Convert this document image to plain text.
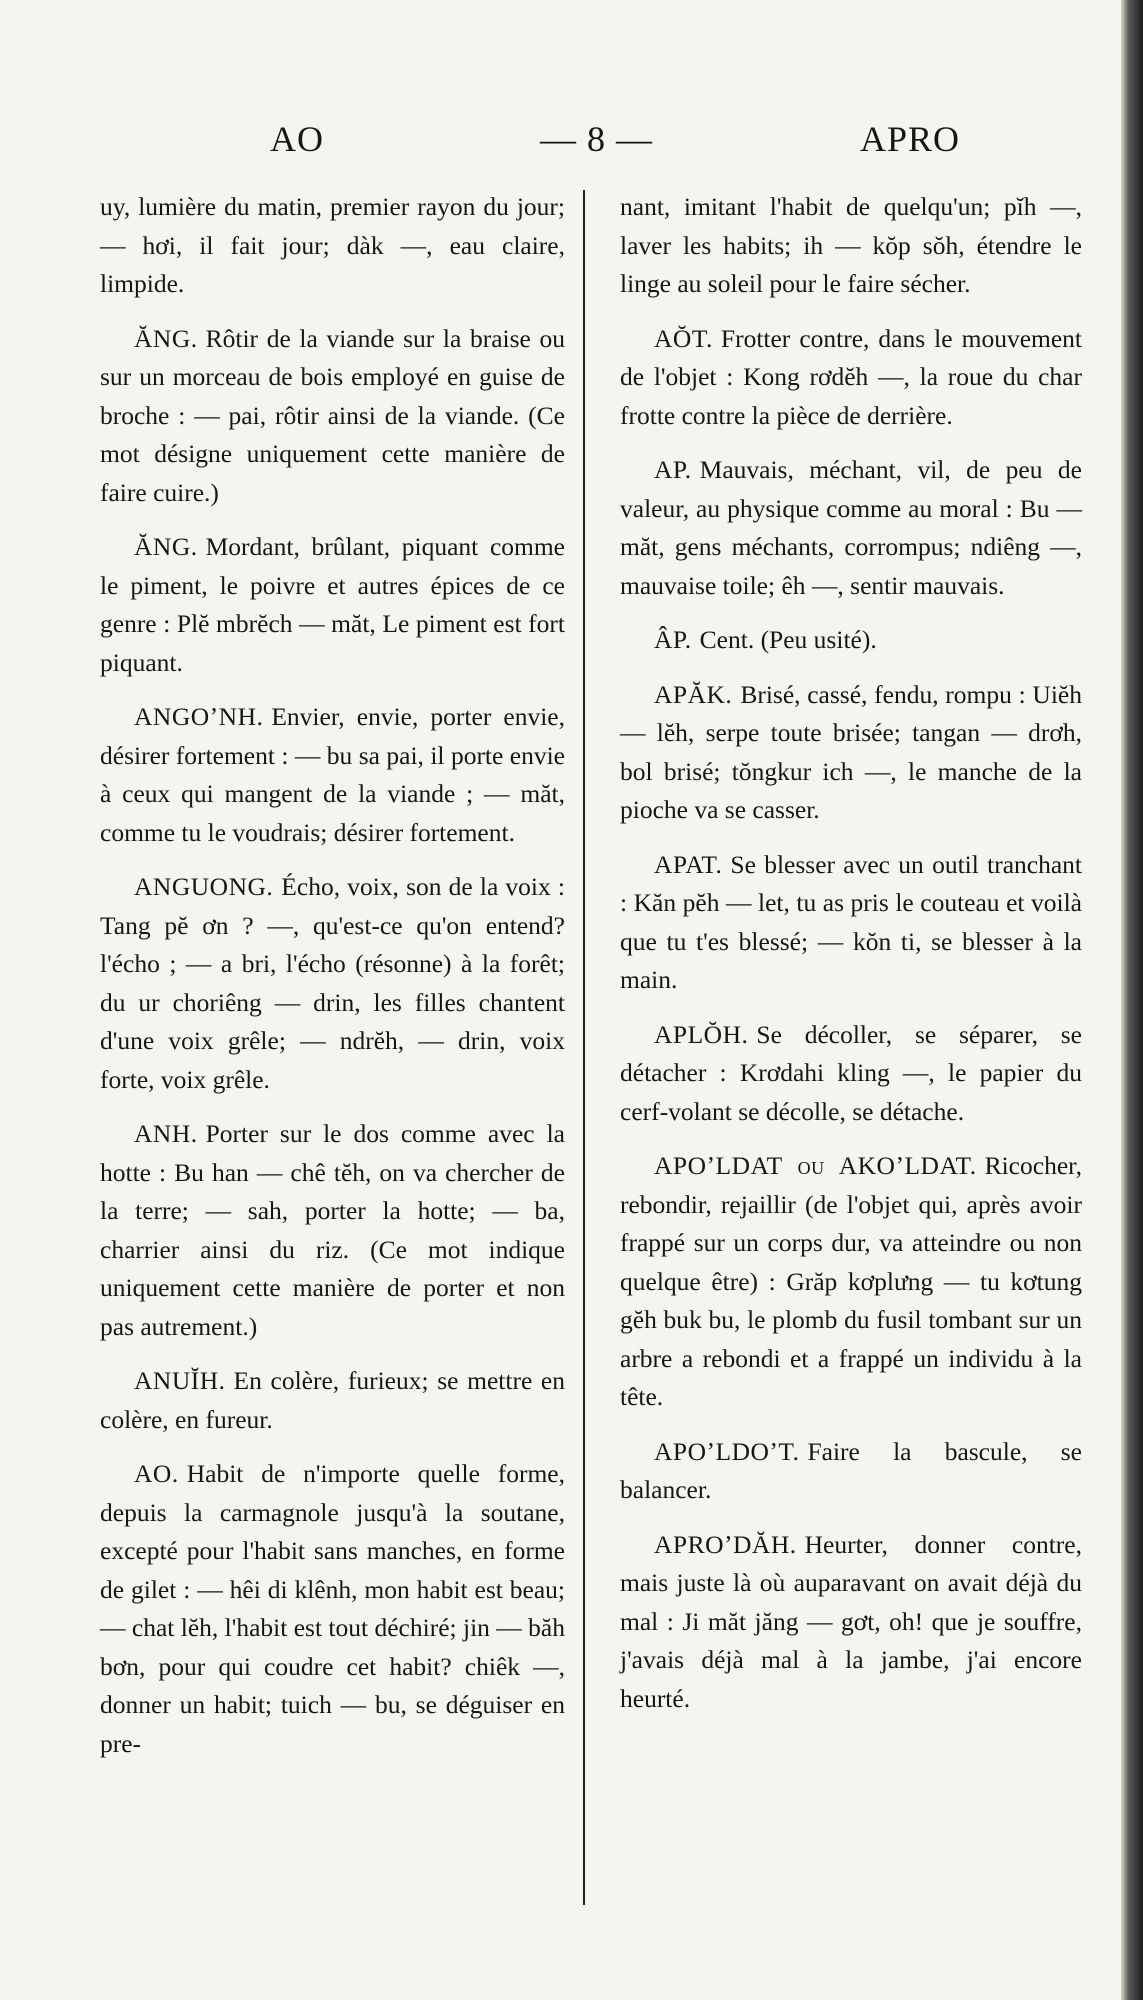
AO	— 8 —	APRO

uy, lumière du matin, premier rayon du jour; — hơi, il fait jour; dàk —, eau claire, limpide.

ĂNG. Rôtir de la viande sur la braise ou sur un morceau de bois employé en guise de broche : — pai, rôtir ainsi de la viande. (Ce mot désigne uniquement cette manière de faire cuire.)

ĂNG. Mordant, brûlant, piquant comme le piment, le poivre et autres épices de ce genre : Plĕ mbrĕch — măt, Le piment est fort piquant.

ANGOʼNH. Envier, envie, porter envie, désirer fortement : — bu sa pai, il porte envie à ceux qui mangent de la viande ; — măt, comme tu le voudrais; désirer fortement.

ANGUONG. Écho, voix, son de la voix : Tang pĕ ơn ? —, qu'est-ce qu'on entend? l'écho ; — a bri, l'écho (résonne) à la forêt; du ur choriêng — drin, les filles chantent d'une voix grêle; — ndrĕh, — drin, voix forte, voix grêle.

ANH. Porter sur le dos comme avec la hotte : Bu han — chê tĕh, on va chercher de la terre; — sah, porter la hotte; — ba, charrier ainsi du riz. (Ce mot indique uniquement cette manière de porter et non pas autrement.)

ANUĬH. En colère, furieux; se mettre en colère, en fureur.

AO. Habit de n'importe quelle forme, depuis la carmagnole jusqu'à la soutane, excepté pour l'habit sans manches, en forme de gilet : — hêi di klênh, mon habit est beau; — chat lĕh, l'habit est tout déchiré; jin — băh bơn, pour qui coudre cet habit? chiêk —, donner un habit; tuich — bu, se déguiser en pre-

nant, imitant l'habit de quelqu'un; pĭh —, laver les habits; ih — kŏp sŏh, étendre le linge au soleil pour le faire sécher.

AŎT. Frotter contre, dans le mouvement de l'objet : Kong rơdĕh —, la roue du char frotte contre la pièce de derrière.

AP. Mauvais, méchant, vil, de peu de valeur, au physique comme au moral : Bu — măt, gens méchants, corrompus; ndiêng —, mauvaise toile; êh —, sentir mauvais.

ÂP. Cent. (Peu usité).

APĂK. Brisé, cassé, fendu, rompu : Uiĕh — lĕh, serpe toute brisée; tangan — drơh, bol brisé; tŏngkur ich —, le manche de la pioche va se casser.

APAT. Se blesser avec un outil tranchant : Kăn pĕh — let, tu as pris le couteau et voilà que tu t'es blessé; — kŏn ti, se blesser à la main.

APLŎH. Se décoller, se séparer, se détacher : Krơdahi kling —, le papier du cerf-volant se décolle, se détache.

APOʼLDAT ou AKOʼLDAT. Ricocher, rebondir, rejaillir (de l'objet qui, après avoir frappé sur un corps dur, va atteindre ou non quelque être) : Grăp kơplưng — tu kơtung gĕh buk bu, le plomb du fusil tombant sur un arbre a rebondi et a frappé un individu à la tête.

APOʼLDOʼT. Faire la bascule, se balancer.

APROʼDĂH. Heurter, donner contre, mais juste là où auparavant on avait déjà du mal : Ji măt jăng — gơt, oh! que je souffre, j'avais déjà mal à la jambe, j'ai encore heurté.
